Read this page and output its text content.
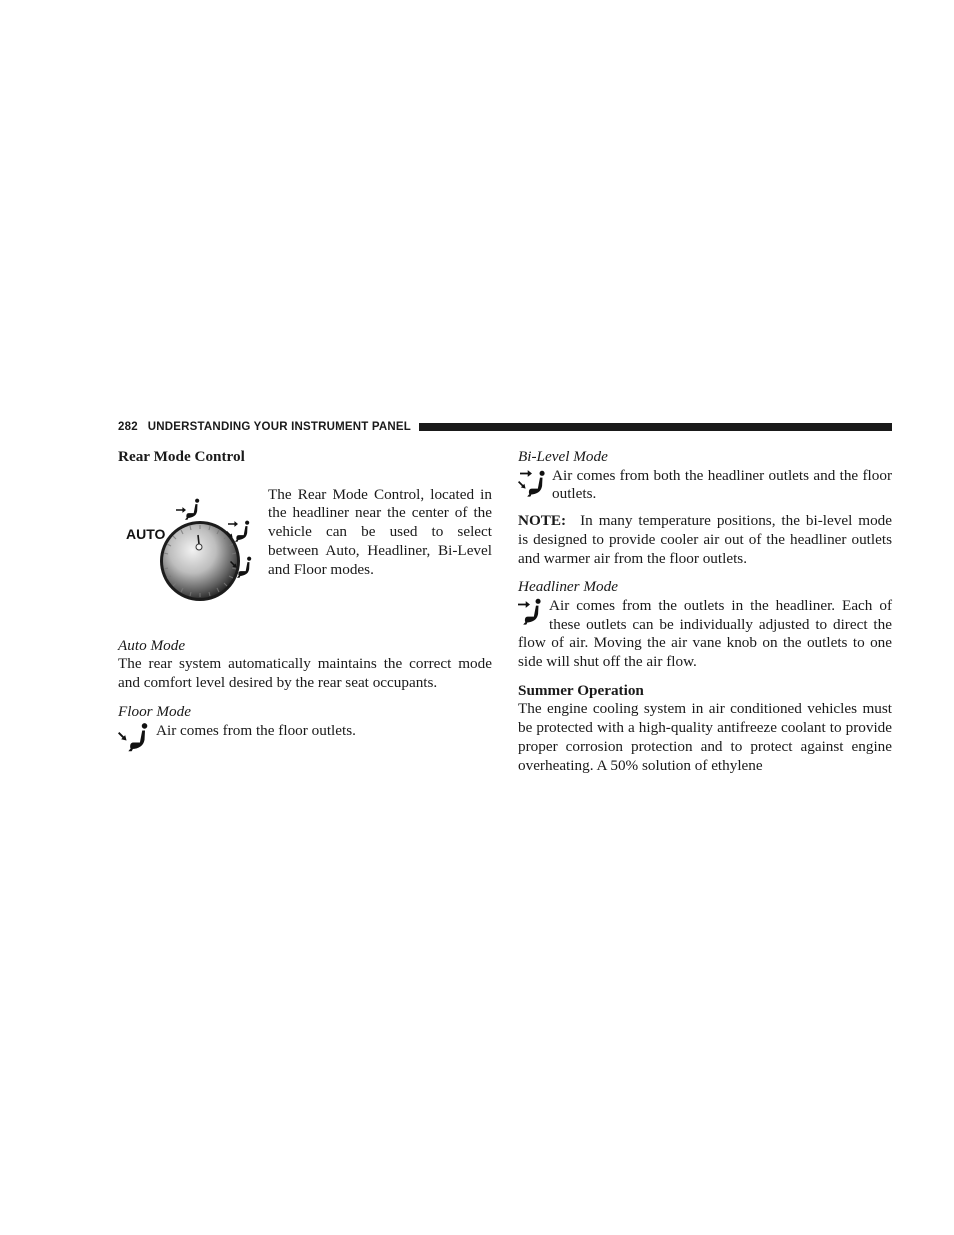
282 UNDERSTANDING YOUR INSTRUMENT PANEL
Rear Mode Control
AUTO

The Rear Mode Control, located in the headliner near the center of the vehicle can be used to select between Auto, Headliner, Bi-Level and Floor modes.

Auto Mode

The rear system automatically maintains the correct mode and comfort level desired by the rear seat occupants.

Floor Mode

Air comes from the floor outlets.

Bi-Level Mode

Air comes from both the headliner outlets and the floor outlets.

NOTE: In many temperature positions, the bi-level mode is designed to provide cooler air out of the headliner outlets and warmer air from the floor outlets.

Headliner Mode

Air comes from the outlets in the headliner. Each of these outlets can be individually adjusted to direct the flow of air. Moving the air vane knob on the outlets to one side will shut off the air flow.

Summer Operation

The engine cooling system in air conditioned vehicles must be protected with a high-quality antifreeze coolant to provide proper corrosion protection and to protect against engine overheating. A 50% solution of ethylene
